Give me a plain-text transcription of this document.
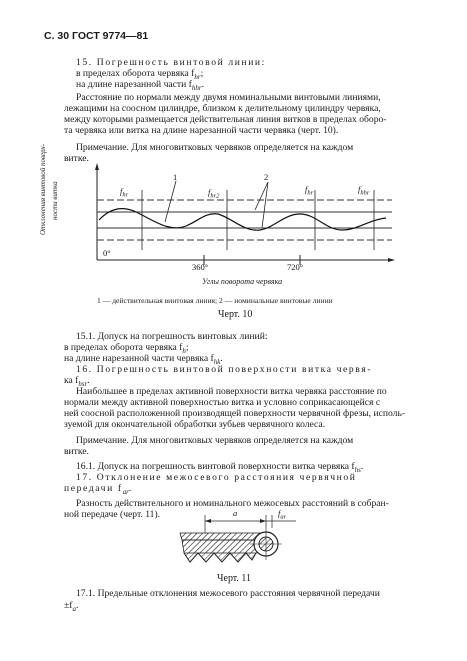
С. 30 ГОСТ 9774—81
15. Погрешность винтовой линии:
в пределах оборота червяка $f_{hr}$;
на длине нарезанной части $f_{hhr}$.
Расстояние по нормали между двумя номинальными винтовыми линиями,
лежащими на соосном цилиндре, близком к делительному цилиндру червяка,
между которыми размещается действительная линия витков в пределах оборо-
та червяка или витка на длине нарезанной части червяка (черт. 10).
Примечание. Для многовитковых червяков определяется на каждом
витке.
Отклонения винтовой поверх- ности витка	$f_{hr}$
1
$f_{hr2}$
2
$f_{hr}$	$f_{hhr}$
0°
360°	720°
Углы поворота червяка
1 — действительная винтовая линия; 2 — номинальные винтовые линии
Черт. 10
15.1. Допуск на погрешность винтовых линий:
в пределах оборота червяка $f_h$;
на длине нарезанной части червяка $f_{hk}$.
16. Погрешность винтовой поверхности витка червя-
ка $f_{hsr}$.
Наибольшее в пределах активной поверхности витка червяка расстояние по
нормали между активной поверхностью витка и условно соприкасающейся с
ней соосной расположенной производящей поверхности червячной фрезы, исполь-
зуемой для окончательной обработки зубьев червячного колеса.
Примечание. Для многовитковых червяков определяется на каждом
витке.
16.1. Допуск на погрешность винтовой поверхности витка червяка $f_{hs}$.
17. Отклонение межосевого расстояния червячной
передачи $f_{ar}$.
Разность действительного и номинального межосевых расстояний в собран-
ной передаче (черт. 11).	a	$f_{ar}$
Черт. 11
17.1. Предельные отклонения межосевого расстояния червячной передачи
$\pm f_a$.
